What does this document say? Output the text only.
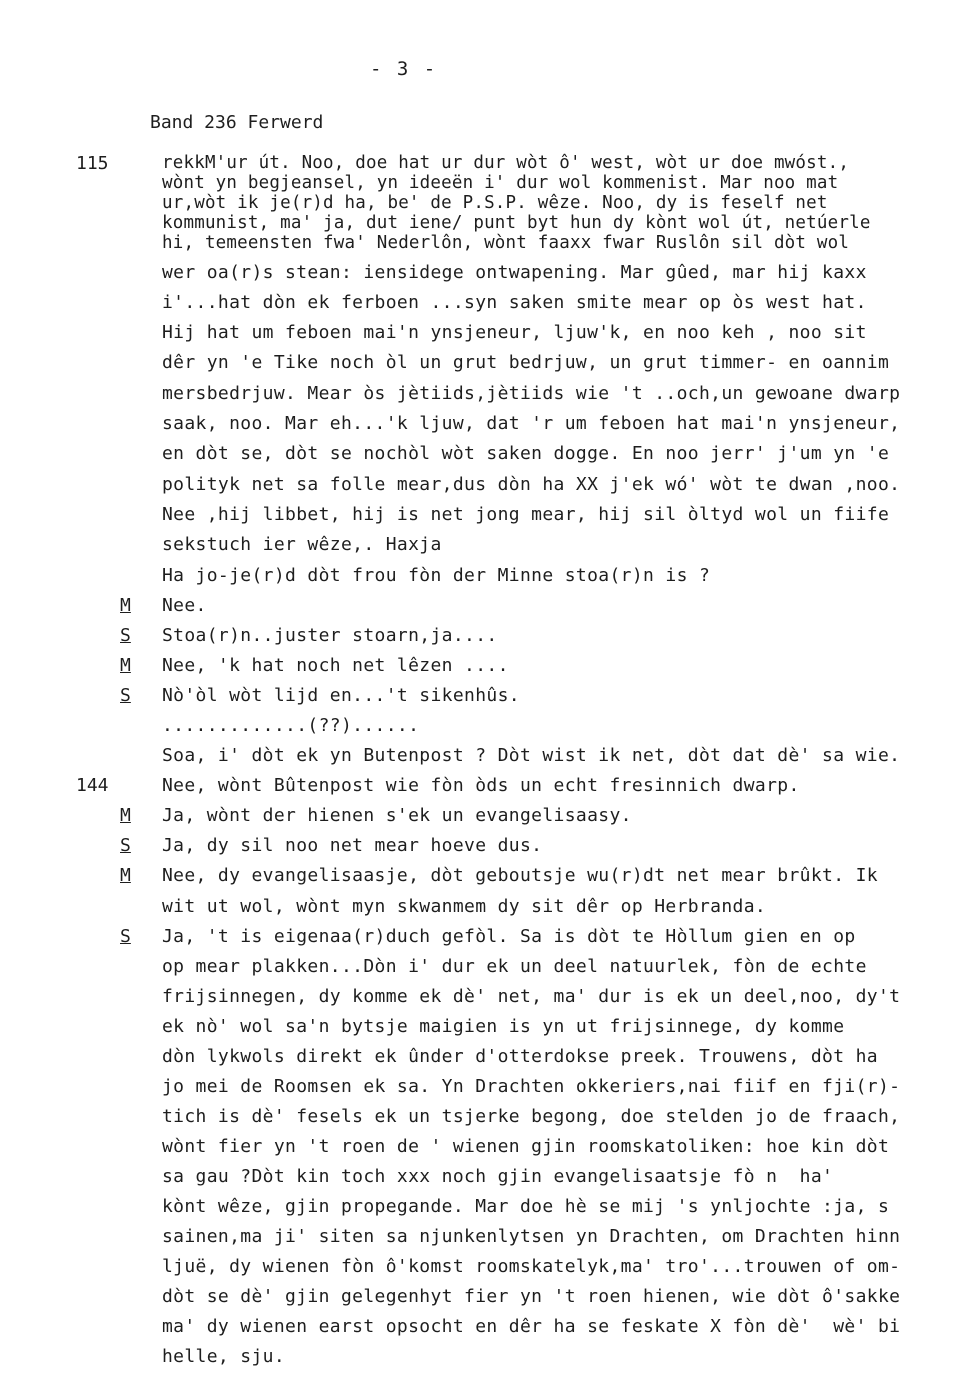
- 3 -
Band 236 Ferwerd
115
144
M
S
M
S
M
S
M
S
rekkM'ur út. Noo, doe hat ur dur wòt ô' west, wòt ur doe mwóst.,
wònt yn begjeansel, yn ideeën i' dur wol kommenist. Mar noo mat
ur,wòt ik je(r)d ha, be' de P.S.P. wêze. Noo, dy is feself net
kommunist, ma' ja, dut iene/ punt byt hun dy kònt wol út, netúerle
hi, temeensten fwa' Nederlôn, wònt faaxx fwar Ruslôn sil dòt wol
wer oa(r)s stean: iensidege ontwapening. Mar gûed, mar hij kaxx
i'...hat dòn ek ferboen ...syn saken smite mear op òs west hat.
Hij hat um feboen mai'n ynsjeneur, ljuw'k, en noo keh , noo sit
dêr yn 'e Tike noch òl un grut bedrjuw, un grut timmer- en oannim
mersbedrjuw. Mear òs jètiids,jètiids wie 't ..och,un gewoane dwarp
saak, noo. Mar eh...'k ljuw, dat 'r um feboen hat mai'n ynsjeneur,
en dòt se, dòt se nochòl wòt saken dogge. En noo jerr' j'um yn 'e
polityk net sa folle mear,dus dòn ha XX j'ek wó' wòt te dwan ,noo.
Nee ,hij libbet, hij is net jong mear, hij sil òltyd wol un fiife
sekstuch ier wêze,. Haxja
Ha jo-je(r)d dòt frou fòn der Minne stoa(r)n is ?
Nee.
Stoa(r)n..juster stoarn,ja....
Nee, 'k hat noch net lêzen ....
Nò'òl wòt lijd en...'t sikenhûs.
.............(??)......
Soa, i' dòt ek yn Butenpost ? Dòt wist ik net, dòt dat dè' sa wie.
Nee, wònt Bûtenpost wie fòn òds un echt fresinnich dwarp.
Ja, wònt der hienen s'ek un evangelisaasy.
Ja, dy sil noo net mear hoeve dus.
Nee, dy evangelisaasje, dòt geboutsje wu(r)dt net mear brûkt. Ik
wit ut wol, wònt myn skwanmem dy sit dêr op Herbranda.
Ja, 't is eigenaa(r)duch gefòl. Sa is dòt te Hòllum gien en op
op mear plakken...Dòn i' dur ek un deel natuurlek, fòn de echte
frijsinnegen, dy komme ek dè' net, ma' dur is ek un deel,noo, dy't
ek nò' wol sa'n bytsje maigien is yn ut frijsinnege, dy komme
dòn lykwols direkt ek ûnder d'otterdokse preek. Trouwens, dòt ha
jo mei de Roomsen ek sa. Yn Drachten okkeriers,nai fiif en fji(r)-
tich is dè' fesels ek un tsjerke begong, doe stelden jo de fraach,
wònt fier yn 't roen de ' wienen gjin roomskatoliken: hoe kin dòt
sa gau ?Dòt kin toch xxx noch gjin evangelisaatsje fò n  ha'
kònt wêze, gjin propegande. Mar doe hè se mij 's ynljochte :ja, s
sainen,ma ji' siten sa njunkenlytsen yn Drachten, om Drachten hinn
ljuë, dy wienen fòn ô'komst roomskatelyk,ma' tro'...trouwen of om-
dòt se dè' gjin gelegenhyt fier yn 't roen hienen, wie dòt ô'sakke
ma' dy wienen earst opsocht en dêr ha se feskate X fòn dè'  wè' bi
helle, sju.
